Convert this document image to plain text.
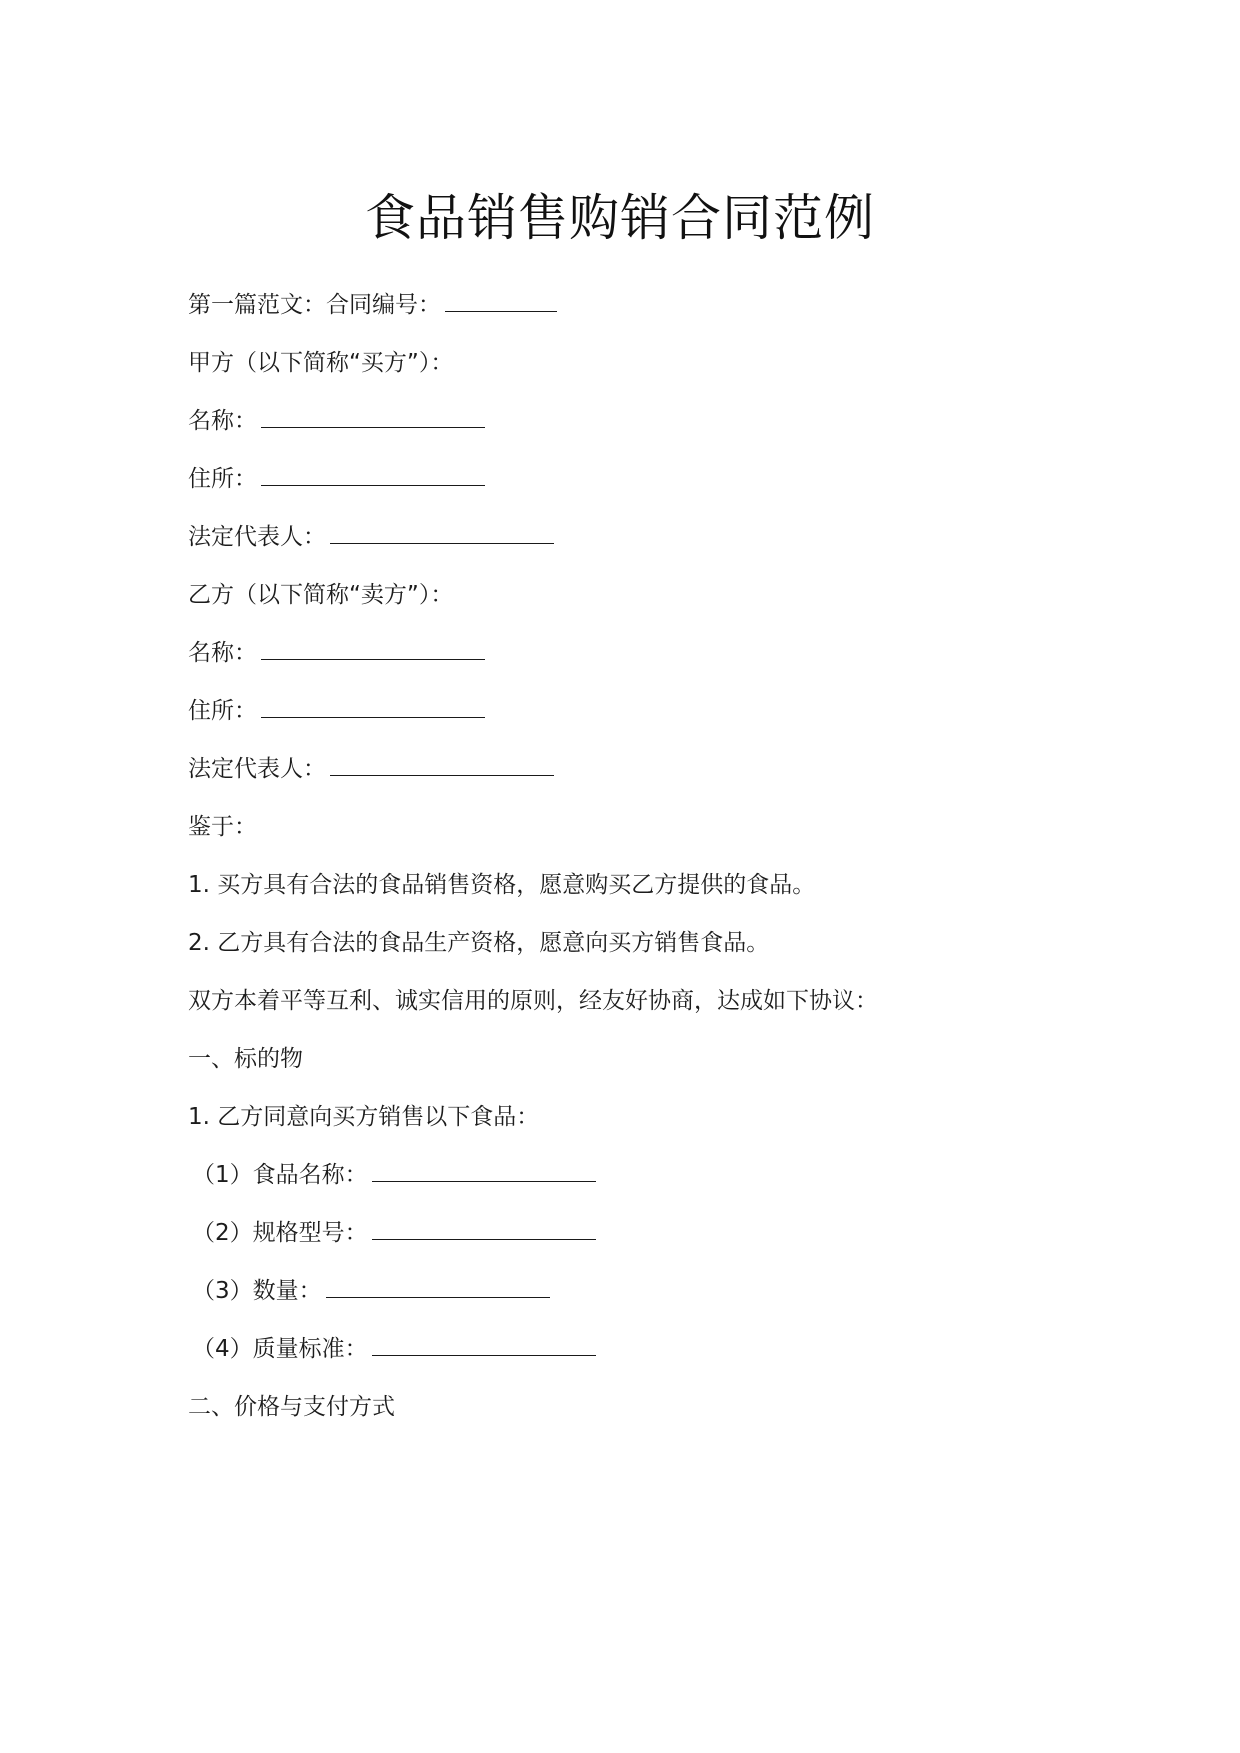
食品销售购销合同范例
第一篇范文：合同编号：
甲方（以下简称“买方”）：
名称：
住所：
法定代表人：
乙方（以下简称“卖方”）：
名称：
住所：
法定代表人：
鉴于：
1. 买方具有合法的食品销售资格，愿意购买乙方提供的食品。
2. 乙方具有合法的食品生产资格，愿意向买方销售食品。
双方本着平等互利、诚实信用的原则，经友好协商，达成如下协议：
一、标的物
1. 乙方同意向买方销售以下食品：
（1）食品名称：
（2）规格型号：
（3）数量：
（4）质量标准：
二、价格与支付方式
